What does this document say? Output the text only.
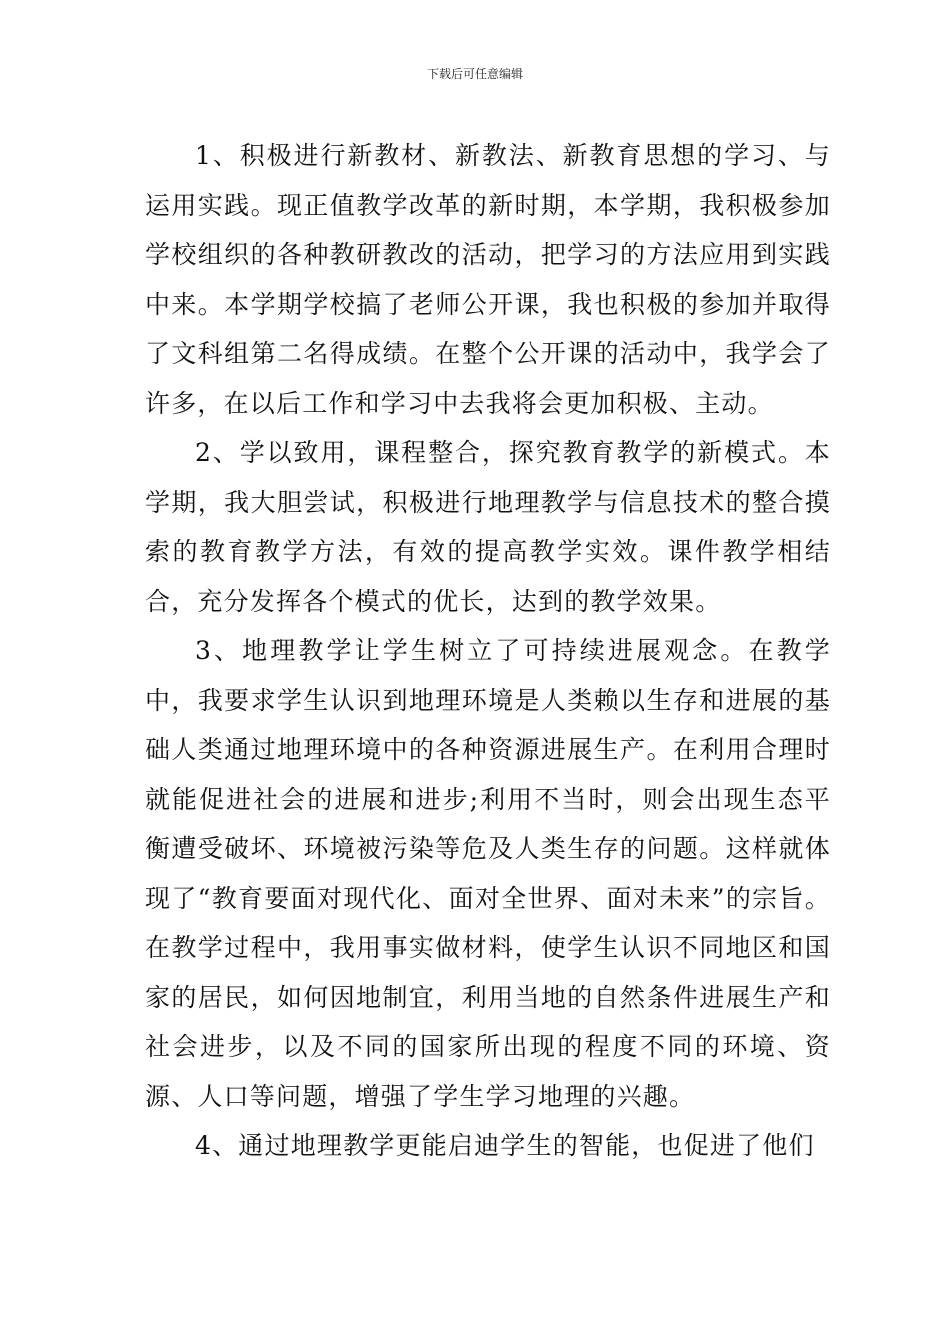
下载后可任意编辑

1、积极进行新教材、新教法、新教育思想的学习、与运用实践。现正值教学改革的新时期，本学期，我积极参加学校组织的各种教研教改的活动，把学习的方法应用到实践中来。本学期学校搞了老师公开课，我也积极的参加并取得了文科组第二名得成绩。在整个公开课的活动中，我学会了许多，在以后工作和学习中去我将会更加积极、主动。

2、学以致用，课程整合，探究教育教学的新模式。本学期，我大胆尝试，积极进行地理教学与信息技术的整合摸索的教育教学方法，有效的提高教学实效。课件教学相结合，充分发挥各个模式的优长，达到的教学效果。

3、地理教学让学生树立了可持续进展观念。在教学中，我要求学生认识到地理环境是人类赖以生存和进展的基础人类通过地理环境中的各种资源进展生产。在利用合理时就能促进社会的进展和进步;利用不当时，则会出现生态平衡遭受破坏、环境被污染等危及人类生存的问题。这样就体现了“教育要面对现代化、面对全世界、面对未来”的宗旨。在教学过程中，我用事实做材料，使学生认识不同地区和国家的居民，如何因地制宜，利用当地的自然条件进展生产和社会进步，以及不同的国家所出现的程度不同的环境、资源、人口等问题，增强了学生学习地理的兴趣。

4、通过地理教学更能启迪学生的智能，也促进了他们
